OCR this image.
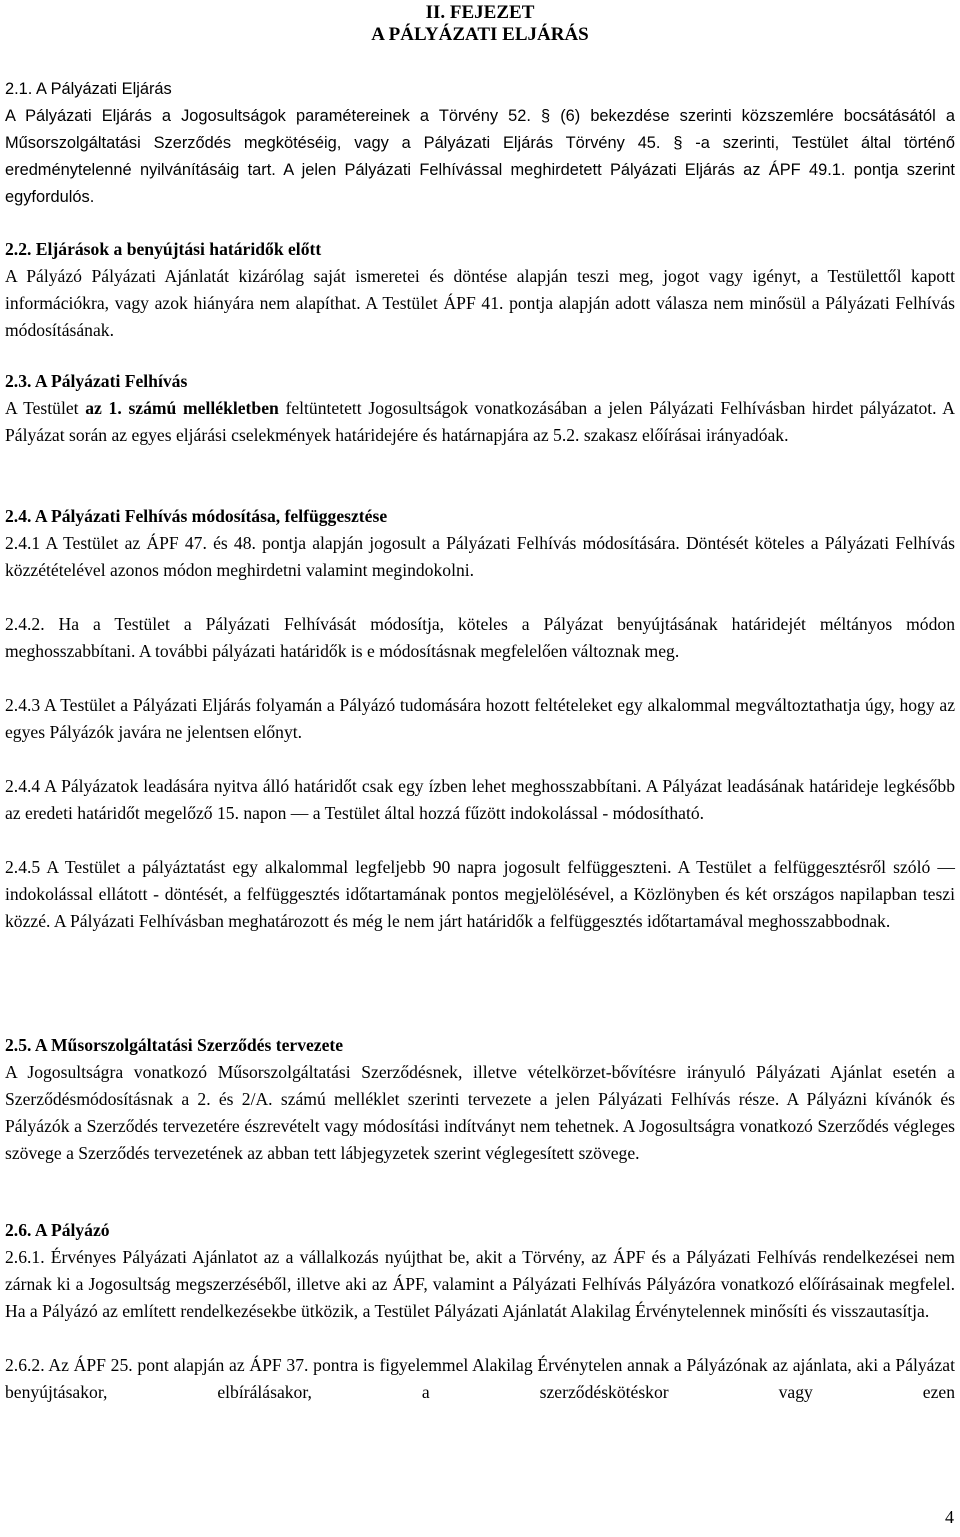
II. FEJEZET
A PÁLYÁZATI ELJÁRÁS

2.1. A Pályázati Eljárás

A Pályázati Eljárás a Jogosultságok paramétereinek a Törvény 52. § (6) bekezdése szerinti közszemlére bocsátásától a Műsorszolgáltatási Szerződés megkötéséig, vagy a Pályázati Eljárás Törvény 45. § -a szerinti, Testület által történő eredménytelenné nyilvánításáig tart. A jelen Pályázati Felhívással meghirdetett Pályázati Eljárás az ÁPF 49.1. pontja szerint egyfordulós.

2.2. Eljárások a benyújtási határidők előtt

A Pályázó Pályázati Ajánlatát kizárólag saját ismeretei és döntése alapján teszi meg, jogot vagy igényt, a Testülettől kapott információkra, vagy azok hiányára nem alapíthat. A Testület ÁPF 41. pontja alapján adott válasza nem minősül a Pályázati Felhívás módosításának.

2.3. A Pályázati Felhívás

A Testület az 1. számú mellékletben feltüntetett Jogosultságok vonatkozásában a jelen Pályázati Felhívásban hirdet pályázatot. A Pályázat során az egyes eljárási cselekmények határidejére és határnapjára az 5.2. szakasz előírásai irányadóak.

2.4. A Pályázati Felhívás módosítása, felfüggesztése

2.4.1 A Testület az ÁPF 47. és 48. pontja alapján jogosult a Pályázati Felhívás módosítására. Döntését köteles a Pályázati Felhívás közzétételével azonos módon meghirdetni valamint megindokolni.

2.4.2. Ha a Testület a Pályázati Felhívását módosítja, köteles a Pályázat benyújtásának határidejét méltányos módon meghosszabbítani. A további pályázati határidők is e módosításnak megfelelően változnak meg.

2.4.3 A Testület a Pályázati Eljárás folyamán a Pályázó tudomására hozott feltételeket egy alkalommal megváltoztathatja úgy, hogy az egyes Pályázók javára ne jelentsen előnyt.

2.4.4 A Pályázatok leadására nyitva álló határidőt csak egy ízben lehet meghosszabbítani. A Pályázat leadásának határideje legkésőbb az eredeti határidőt megelőző 15. napon — a Testület által hozzá fűzött indokolással - módosítható.

2.4.5 A Testület a pályáztatást egy alkalommal legfeljebb 90 napra jogosult felfüggeszteni. A Testület a felfüggesztésről szóló — indokolással ellátott - döntését, a felfüggesztés időtartamának pontos megjelölésével, a Közlönyben és két országos napilapban teszi közzé. A Pályázati Felhívásban meghatározott és még le nem járt határidők a felfüggesztés időtartamával meghosszabbodnak.

2.5. A Műsorszolgáltatási Szerződés tervezete

A Jogosultságra vonatkozó Műsorszolgáltatási Szerződésnek, illetve vételkörzet-bővítésre irányuló Pályázati Ajánlat esetén a Szerződésmódosításnak a 2. és 2/A. számú melléklet szerinti tervezete a jelen Pályázati Felhívás része. A Pályázni kívánók és Pályázók a Szerződés tervezetére észrevételt vagy módosítási indítványt nem tehetnek. A Jogosultságra vonatkozó Szerződés végleges szövege a Szerződés tervezetének az abban tett lábjegyzetek szerint véglegesített szövege.

2.6. A Pályázó

2.6.1. Érvényes Pályázati Ajánlatot az a vállalkozás nyújthat be, akit a Törvény, az ÁPF és a Pályázati Felhívás rendelkezései nem zárnak ki a Jogosultság megszerzéséből, illetve aki az ÁPF, valamint a Pályázati Felhívás Pályázóra vonatkozó előírásainak megfelel. Ha a Pályázó az említett rendelkezésekbe ütközik, a Testület Pályázati Ajánlatát Alakilag Érvénytelennek minősíti és visszautasítja.

2.6.2. Az ÁPF 25. pont alapján az ÁPF 37. pontra is figyelemmel Alakilag Érvénytelen annak a Pályázónak az ajánlata, aki a Pályázat benyújtásakor, elbírálásakor, a szerződéskötéskor vagy ezen

4
